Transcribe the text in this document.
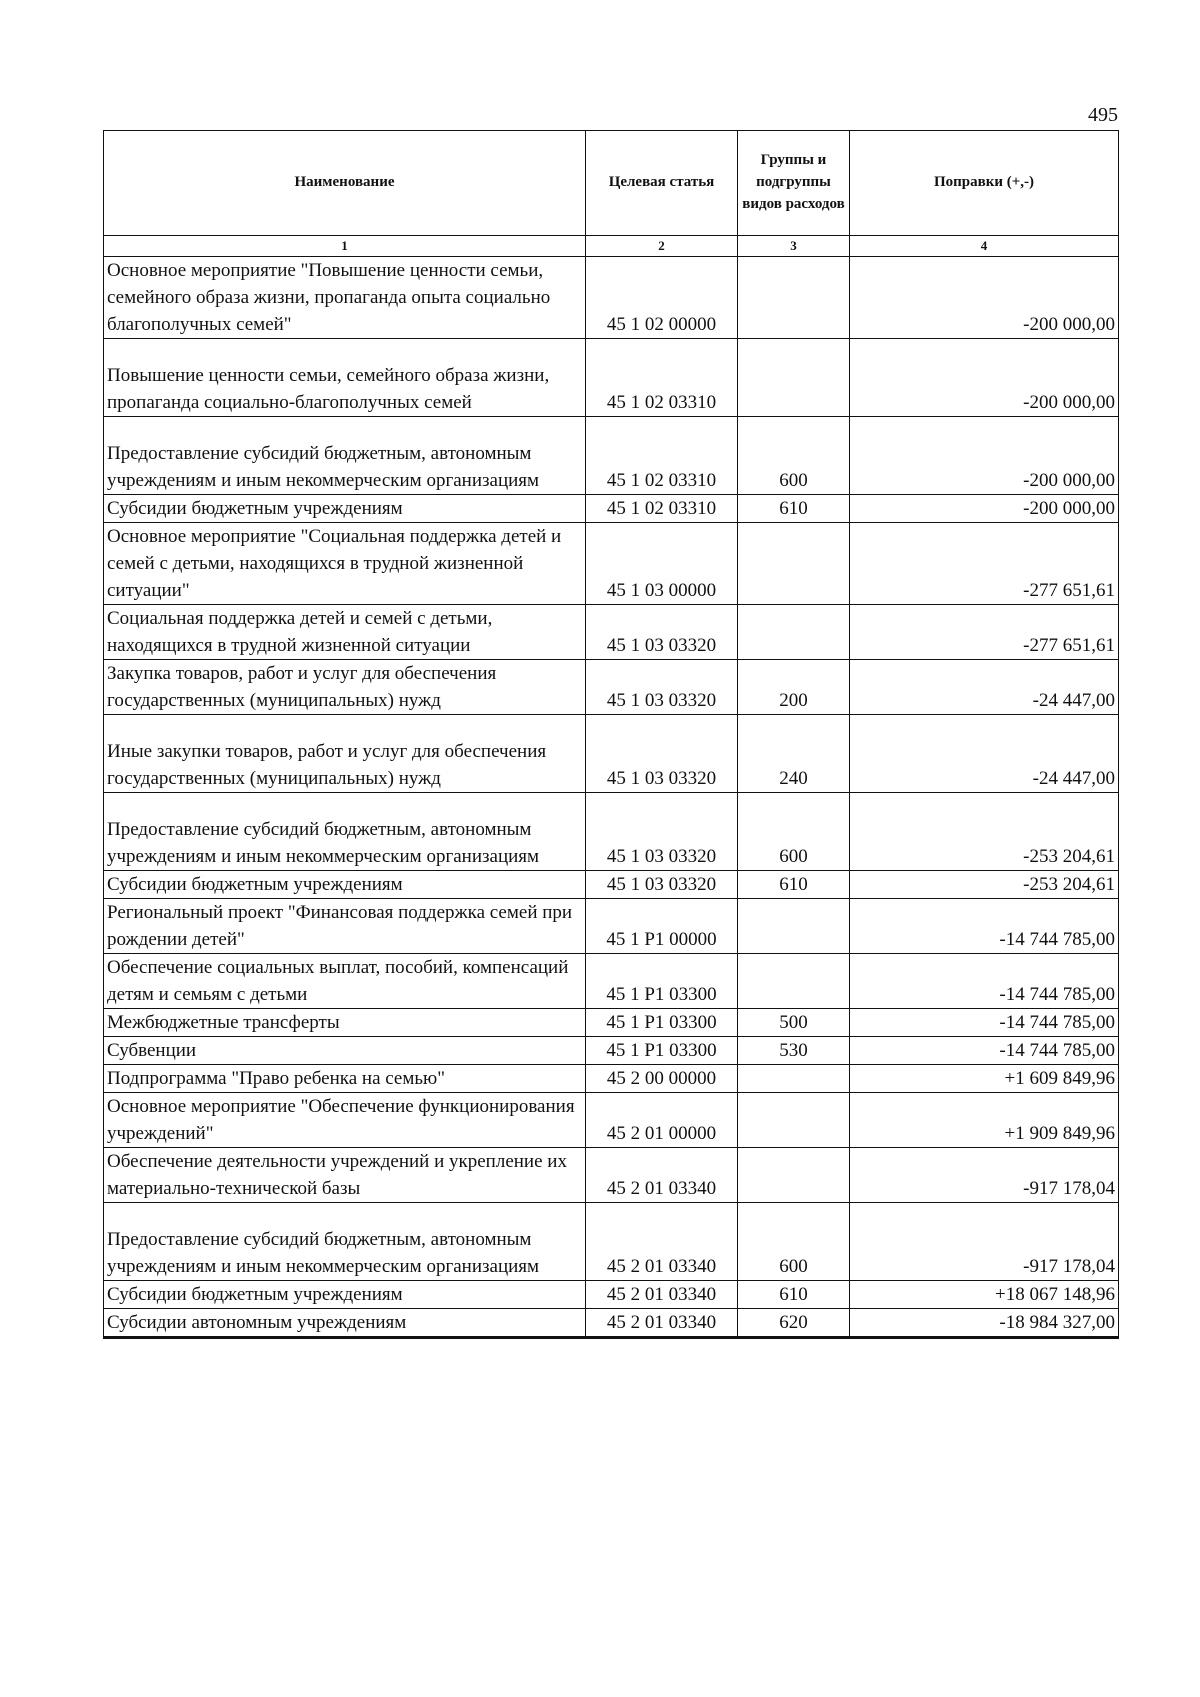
495
Наименование	Целевая статья	Группы и подгруппы видов расходов	Поправки (+,-)
1	2	3	4
Основное мероприятие "Повышение ценности семьи, семейного образа жизни, пропаганда опыта социально благополучных семей"	45 1 02 00000		-200 000,00
Повышение ценности семьи, семейного образа жизни, пропаганда социально-благополучных семей	45 1 02 03310		-200 000,00
Предоставление субсидий бюджетным, автономным учреждениям и иным некоммерческим организациям	45 1 02 03310	600	-200 000,00
Субсидии бюджетным учреждениям	45 1 02 03310	610	-200 000,00
Основное мероприятие "Социальная поддержка детей и семей с детьми, находящихся в трудной жизненной ситуации"	45 1 03 00000		-277 651,61
Социальная поддержка детей и семей с детьми, находящихся в трудной жизненной ситуации	45 1 03 03320		-277 651,61
Закупка товаров, работ и услуг для обеспечения государственных (муниципальных) нужд	45 1 03 03320	200	-24 447,00
Иные закупки товаров, работ и услуг для обеспечения государственных (муниципальных) нужд	45 1 03 03320	240	-24 447,00
Предоставление субсидий бюджетным, автономным учреждениям и иным некоммерческим организациям	45 1 03 03320	600	-253 204,61
Субсидии бюджетным учреждениям	45 1 03 03320	610	-253 204,61
Региональный проект "Финансовая поддержка семей при рождении детей"	45 1 P1 00000		-14 744 785,00
Обеспечение социальных выплат, пособий, компенсаций детям и семьям с детьми	45 1 P1 03300		-14 744 785,00
Межбюджетные трансферты	45 1 P1 03300	500	-14 744 785,00
Субвенции	45 1 P1 03300	530	-14 744 785,00
Подпрограмма "Право ребенка на семью"	45 2 00 00000		+1 609 849,96
Основное мероприятие "Обеспечение функционирования учреждений"	45 2 01 00000		+1 909 849,96
Обеспечение деятельности учреждений и укрепление их материально-технической базы	45 2 01 03340		-917 178,04
Предоставление субсидий бюджетным, автономным учреждениям и иным некоммерческим организациям	45 2 01 03340	600	-917 178,04
Субсидии бюджетным учреждениям	45 2 01 03340	610	+18 067 148,96
Субсидии автономным учреждениям	45 2 01 03340	620	-18 984 327,00
